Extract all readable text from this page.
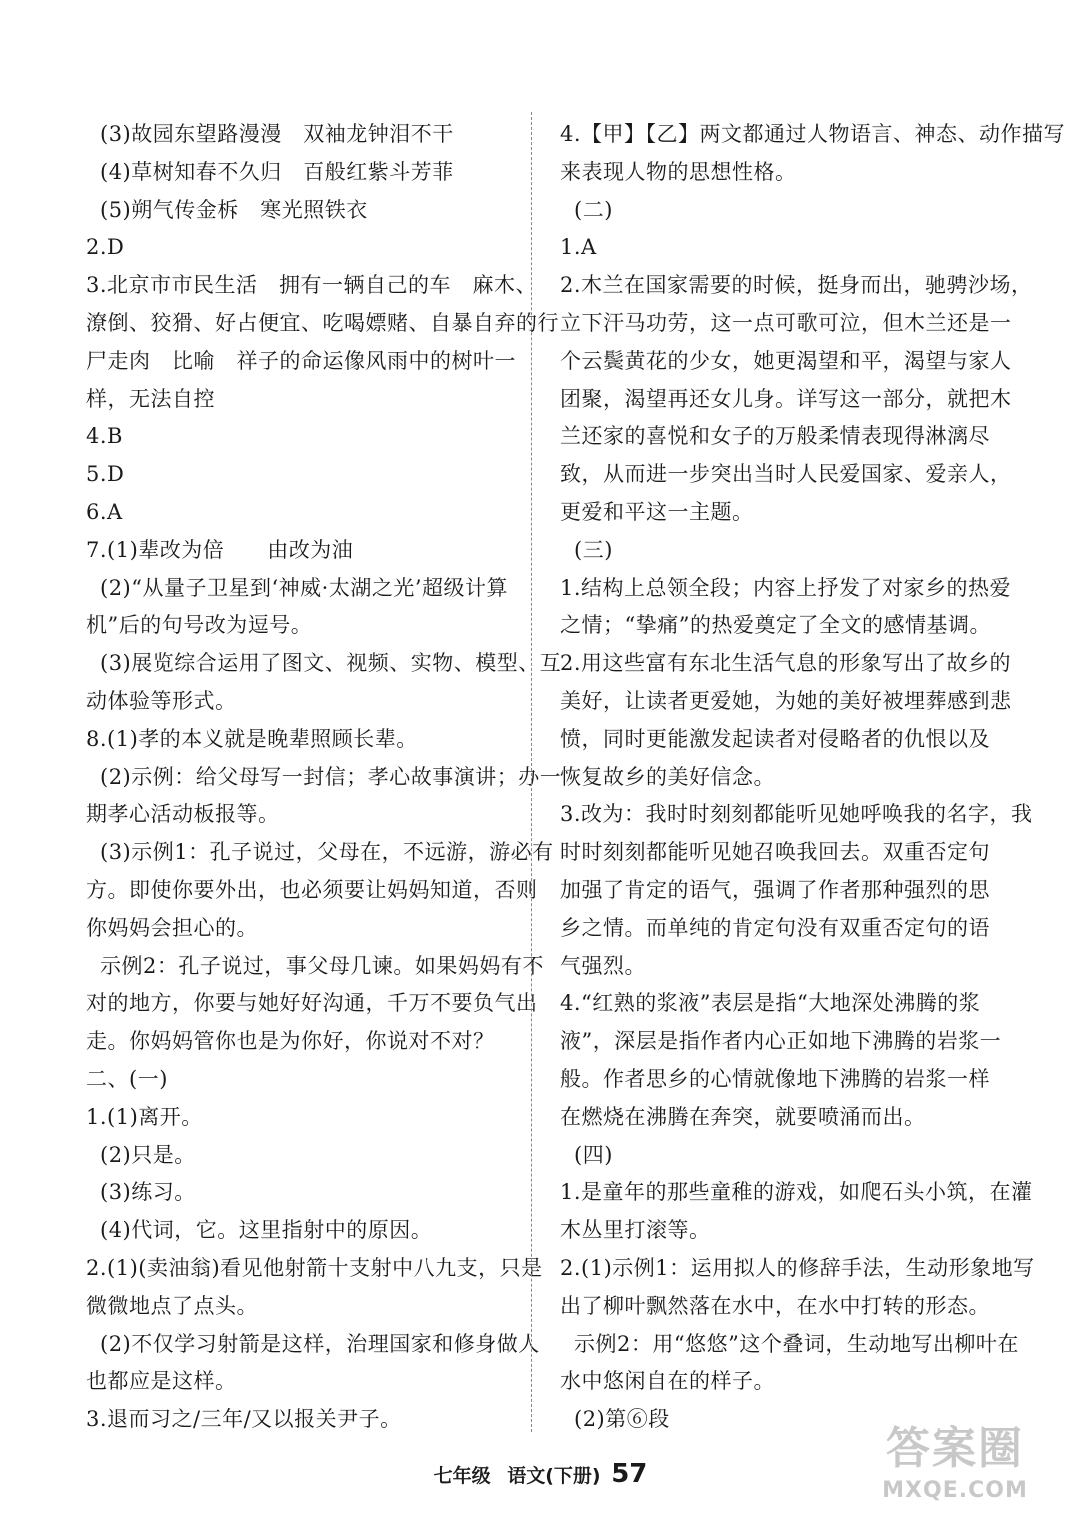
(3)故园东望路漫漫　双袖龙钟泪不干
(4)草树知春不久归　百般红紫斗芳菲
(5)朔气传金柝　寒光照铁衣
2.D
3.北京市市民生活　拥有一辆自己的车　麻木、
潦倒、狡猾、好占便宜、吃喝嫖赌、自暴自弃的行
尸走肉　比喻　祥子的命运像风雨中的树叶一
样，无法自控
4.B
5.D
6.A
7.(1)辈改为倍　　由改为油
(2)“从量子卫星到‘神威·太湖之光’超级计算
机”后的句号改为逗号。
(3)展览综合运用了图文、视频、实物、模型、互
动体验等形式。
8.(1)孝的本义就是晚辈照顾长辈。
(2)示例：给父母写一封信；孝心故事演讲；办一
期孝心活动板报等。
(3)示例1：孔子说过，父母在，不远游，游必有
方。即使你要外出，也必须要让妈妈知道，否则
你妈妈会担心的。
示例2：孔子说过，事父母几谏。如果妈妈有不
对的地方，你要与她好好沟通，千万不要负气出
走。你妈妈管你也是为你好，你说对不对？
二、(一)
1.(1)离开。
(2)只是。
(3)练习。
(4)代词，它。这里指射中的原因。
2.(1)(卖油翁)看见他射箭十支射中八九支，只是
微微地点了点头。
(2)不仅学习射箭是这样，治理国家和修身做人
也都应是这样。
3.退而习之/三年/又以报关尹子。
4.【甲】【乙】两文都通过人物语言、神态、动作描写
来表现人物的思想性格。
(二)
1.A
2.木兰在国家需要的时候，挺身而出，驰骋沙场，
立下汗马功劳，这一点可歌可泣，但木兰还是一
个云鬓黄花的少女，她更渴望和平，渴望与家人
团聚，渴望再还女儿身。详写这一部分，就把木
兰还家的喜悦和女子的万般柔情表现得淋漓尽
致，从而进一步突出当时人民爱国家、爱亲人，
更爱和平这一主题。
(三)
1.结构上总领全段；内容上抒发了对家乡的热爱
之情；“挚痛”的热爱奠定了全文的感情基调。
2.用这些富有东北生活气息的形象写出了故乡的
美好，让读者更爱她，为她的美好被埋葬感到悲
愤，同时更能激发起读者对侵略者的仇恨以及
恢复故乡的美好信念。
3.改为：我时时刻刻都能听见她呼唤我的名字，我
时时刻刻都能听见她召唤我回去。双重否定句
加强了肯定的语气，强调了作者那种强烈的思
乡之情。而单纯的肯定句没有双重否定句的语
气强烈。
4.“红熟的浆液”表层是指“大地深处沸腾的浆
液”，深层是指作者内心正如地下沸腾的岩浆一
般。作者思乡的心情就像地下沸腾的岩浆一样
在燃烧在沸腾在奔突，就要喷涌而出。
(四)
1.是童年的那些童稚的游戏，如爬石头小筑，在灌
木丛里打滚等。
2.(1)示例1：运用拟人的修辞手法，生动形象地写
出了柳叶飘然落在水中，在水中打转的形态。
示例2：用“悠悠”这个叠词，生动地写出柳叶在
水中悠闲自在的样子。
(2)第⑥段
七年级 语文(下册) 57	答案圈
MXQE.COM
